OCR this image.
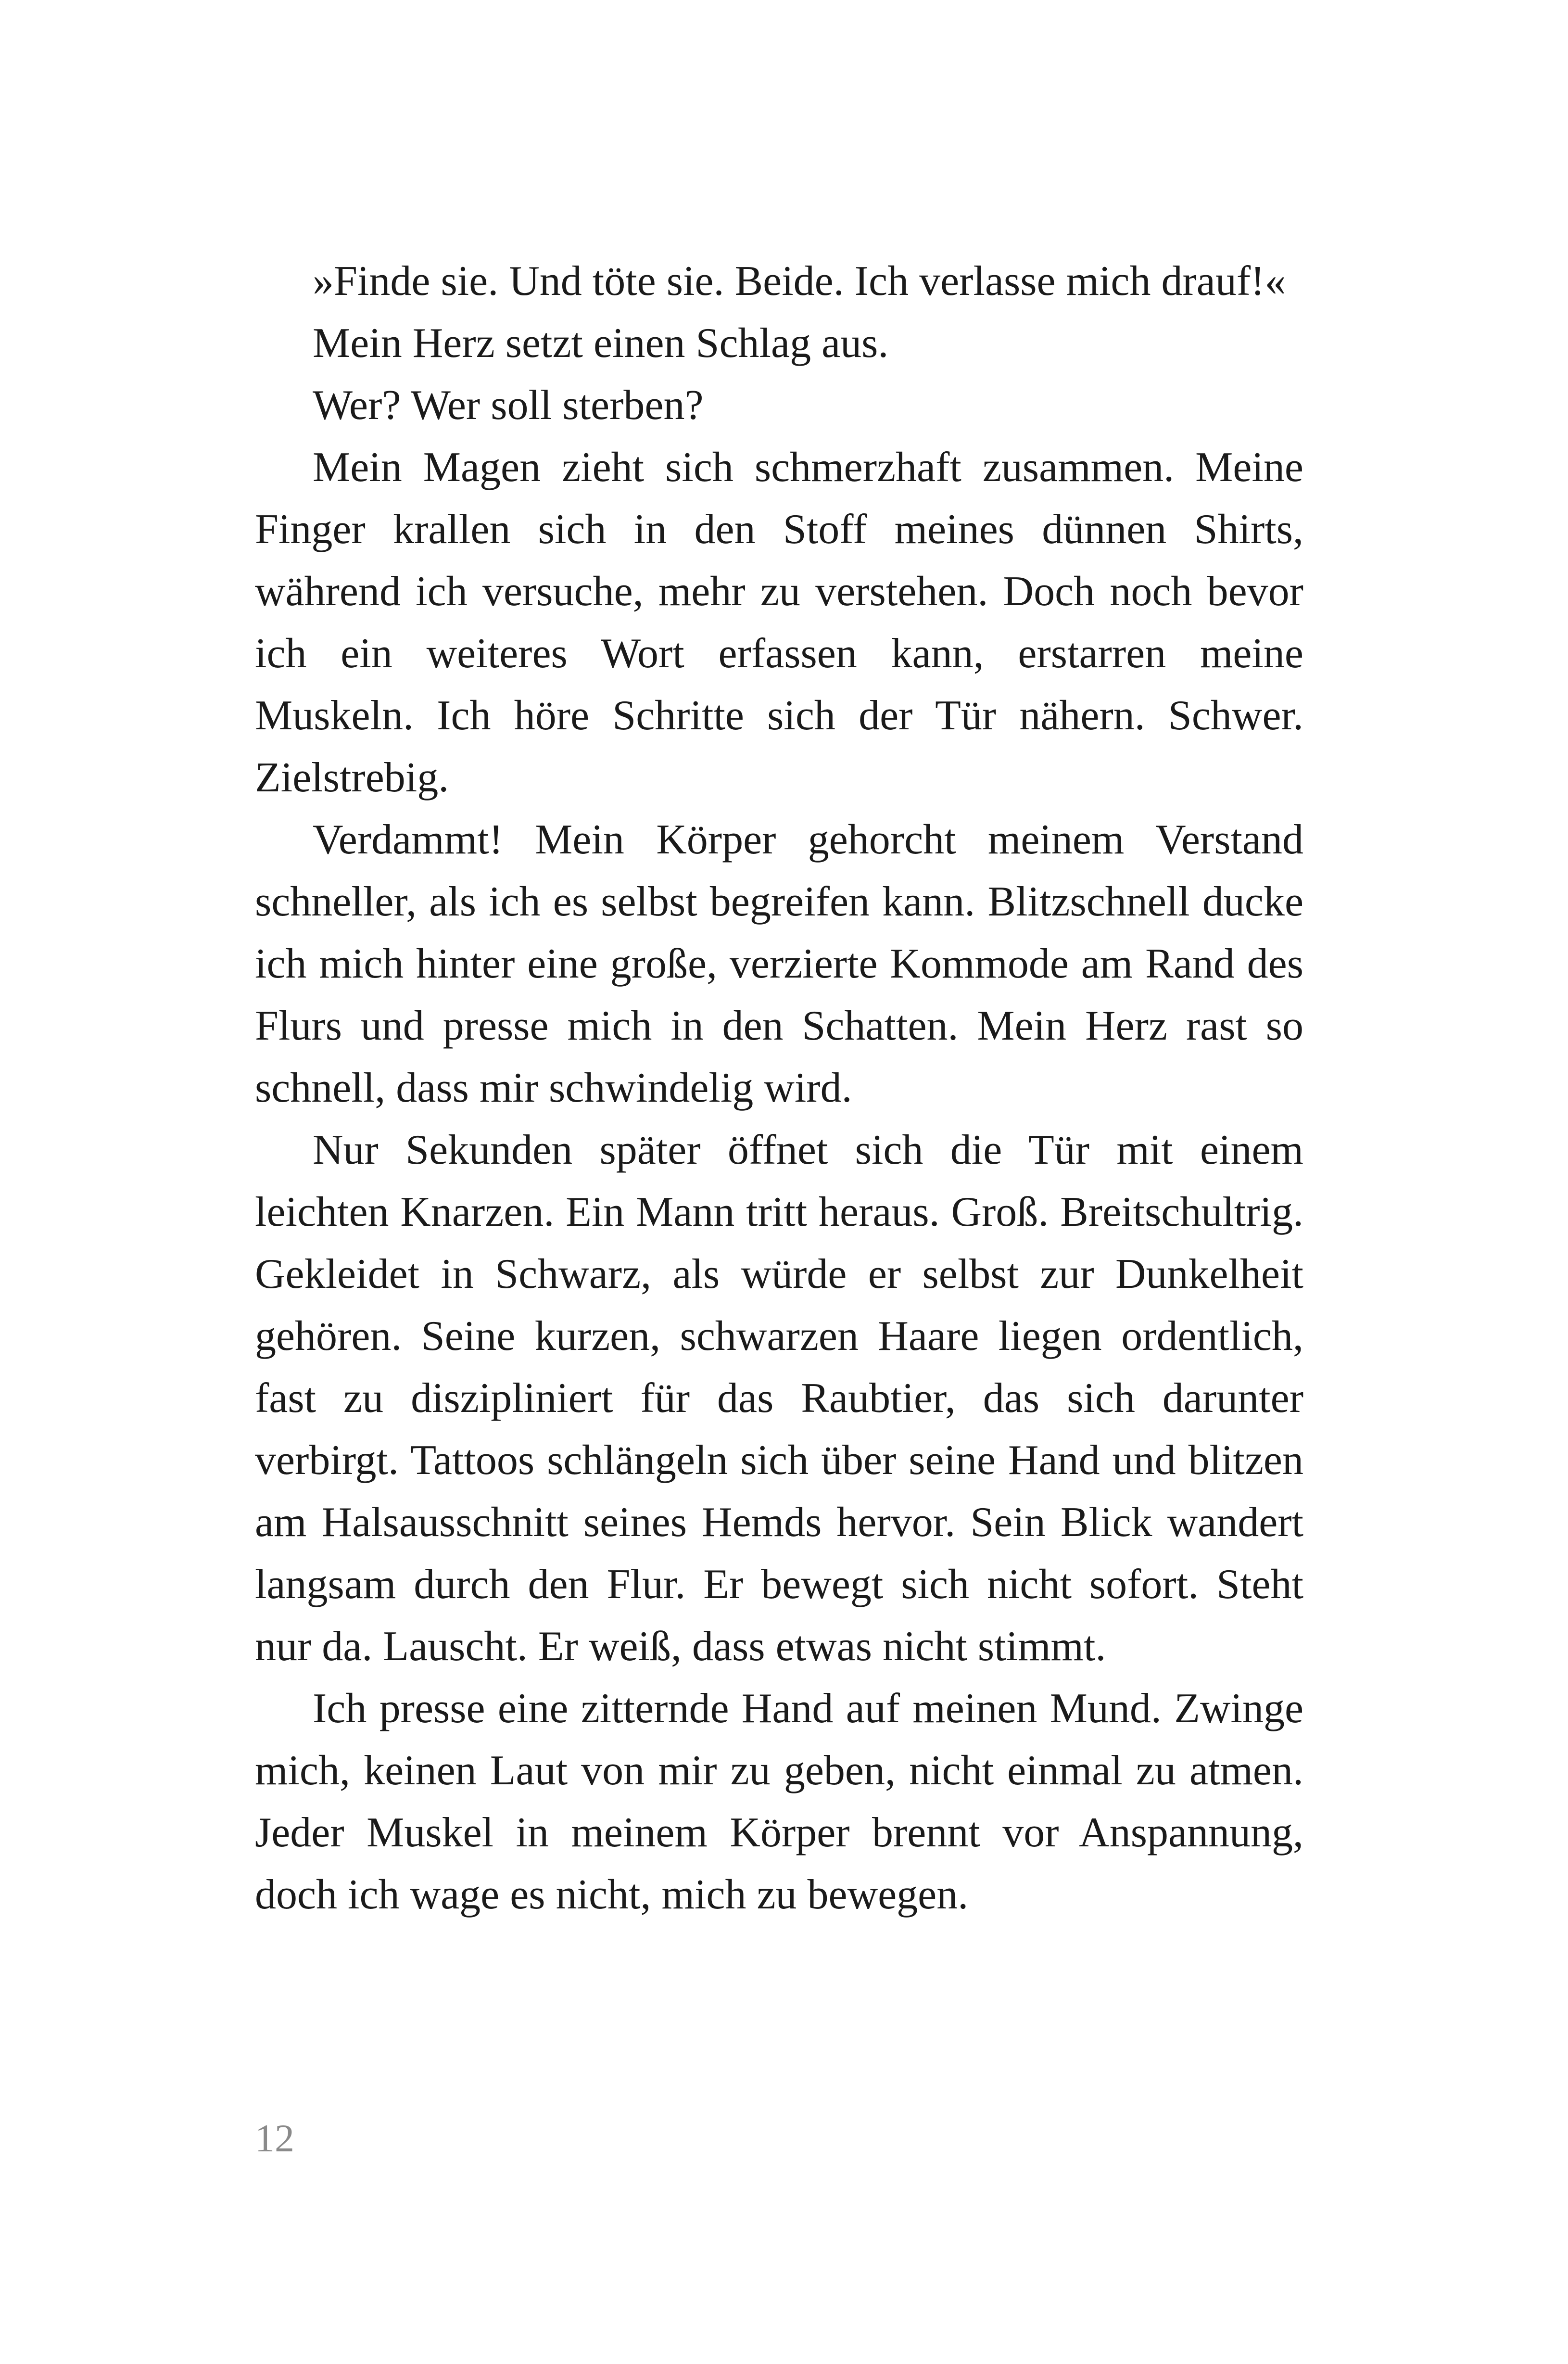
»Finde sie. Und töte sie. Beide. Ich verlasse mich drauf!«

Mein Herz setzt einen Schlag aus.

Wer? Wer soll sterben?

Mein Magen zieht sich schmerzhaft zusammen. Meine Finger krallen sich in den Stoff meines dünnen Shirts, während ich versuche, mehr zu verstehen. Doch noch bevor ich ein weiteres Wort erfassen kann, erstarren meine Muskeln. Ich höre Schritte sich der Tür nähern. Schwer. Zielstrebig.

Verdammt! Mein Körper gehorcht meinem Verstand schneller, als ich es selbst begreifen kann. Blitzschnell ducke ich mich hinter eine große, verzierte Kommode am Rand des Flurs und presse mich in den Schatten. Mein Herz rast so schnell, dass mir schwindelig wird.

Nur Sekunden später öffnet sich die Tür mit einem leichten Knarzen. Ein Mann tritt heraus. Groß. Breitschultrig. Gekleidet in Schwarz, als würde er selbst zur Dunkelheit gehören. Seine kurzen, schwarzen Haare liegen ordentlich, fast zu diszipliniert für das Raubtier, das sich darunter verbirgt. Tattoos schlängeln sich über seine Hand und blitzen am Halsausschnitt seines Hemds hervor. Sein Blick wandert langsam durch den Flur. Er bewegt sich nicht sofort. Steht nur da. Lauscht. Er weiß, dass etwas nicht stimmt.

Ich presse eine zitternde Hand auf meinen Mund. Zwinge mich, keinen Laut von mir zu geben, nicht einmal zu atmen. Jeder Muskel in meinem Körper brennt vor Anspannung, doch ich wage es nicht, mich zu bewegen.

12
